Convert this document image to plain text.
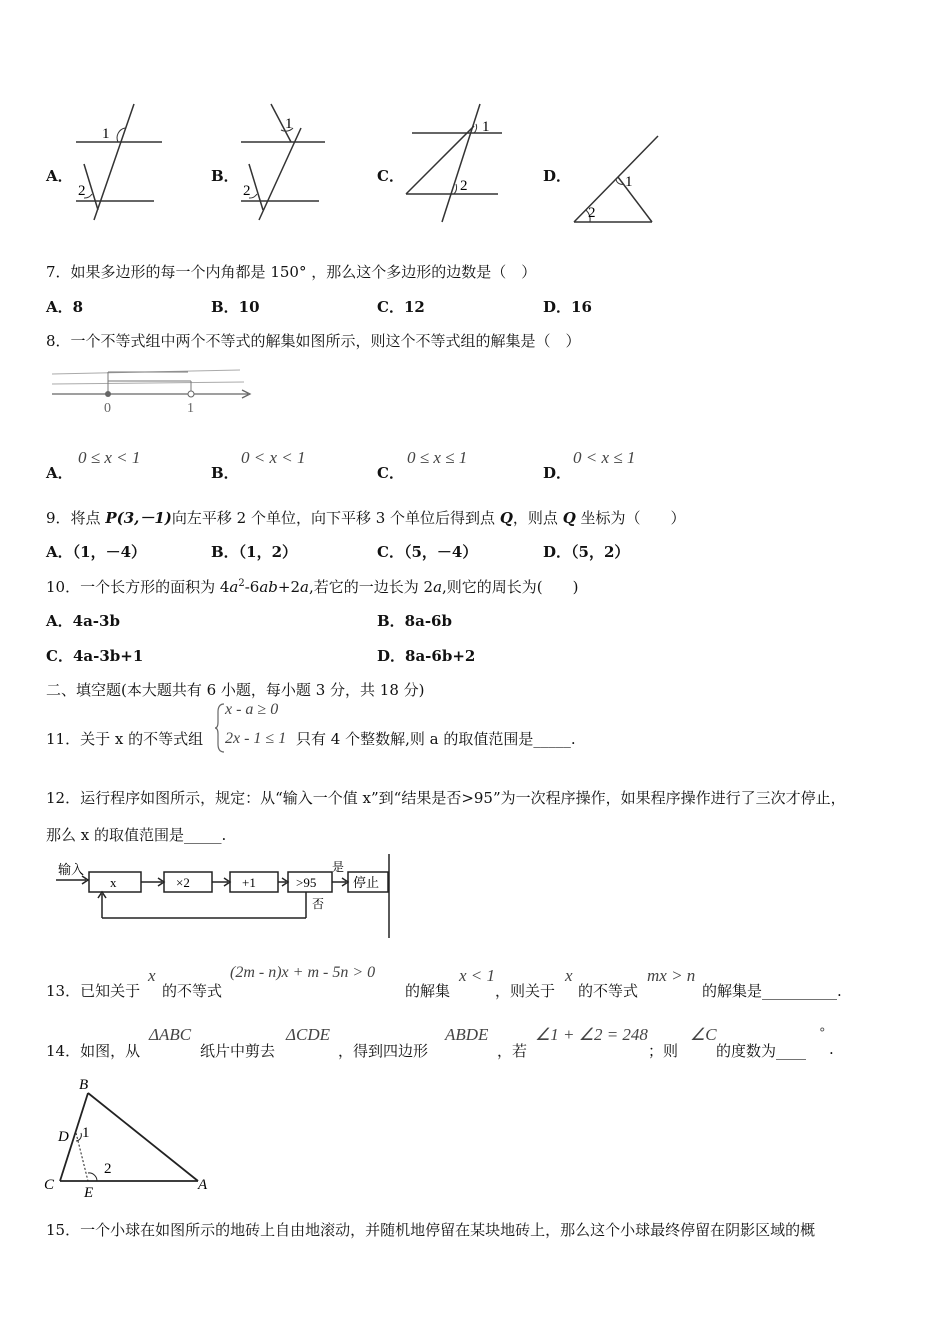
A．
1
2
B．
1
2
C．
1
2
D．	1
2
7．如果多边形的每一个内角都是 150° ，那么这个多边形的边数是（　）
A．8	B．10	C．12	D．16
8．一个不等式组中两个不等式的解集如图所示，则这个不等式组的解集是（　）
0	1
A．
0 ≤ x < 1
B．
0 < x < 1
C．
0 ≤ x ≤ 1
D．
0 < x ≤ 1
9．将点 P(3,－1)向左平移 2 个单位，向下平移 3 个单位后得到点 Q，则点 Q 坐标为（　　）
A．（1，－4）	B．（1，2）	C．（5，－4）	D．（5，2）
10．一个长方形的面积为 $4a^2-6ab+2a$,若它的一边长为 2a,则它的周长为(　　)
A．4a-3b	B．8a-6b
C．4a-3b+1	D．8a-6b+2
二、填空题(本大题共有 6 小题，每小题 3 分，共 18 分)
11．关于 x 的不等式组
x - a ≥ 0
2x - 1 ≤ 1 只有 4 个整数解,则 a 的取值范围是_____.
12．运行程序如图所示，规定：从“输入一个值 x”到“结果是否>95”为一次程序操作，如果程序操作进行了三次才停止，
那么 x 的取值范围是_____.
输入
x	×2	+1	>95
是
停止
否
13．已知关于
x
的不等式
(2m - n)x + m - 5n > 0
的解集
x < 1
，则关于
x
的不等式
mx > n
的解集是__________.
14．如图，从
ΔABC
纸片中剪去
ΔCDE
，得到四边形
ABDE
，若
∠1 + ∠2 = 248
；则
∠C
的度数为____
°
.
B
D 1
2
C E	A
15．一个小球在如图所示的地砖上自由地滚动，并随机地停留在某块地砖上，那么这个小球最终停留在阴影区域的概
